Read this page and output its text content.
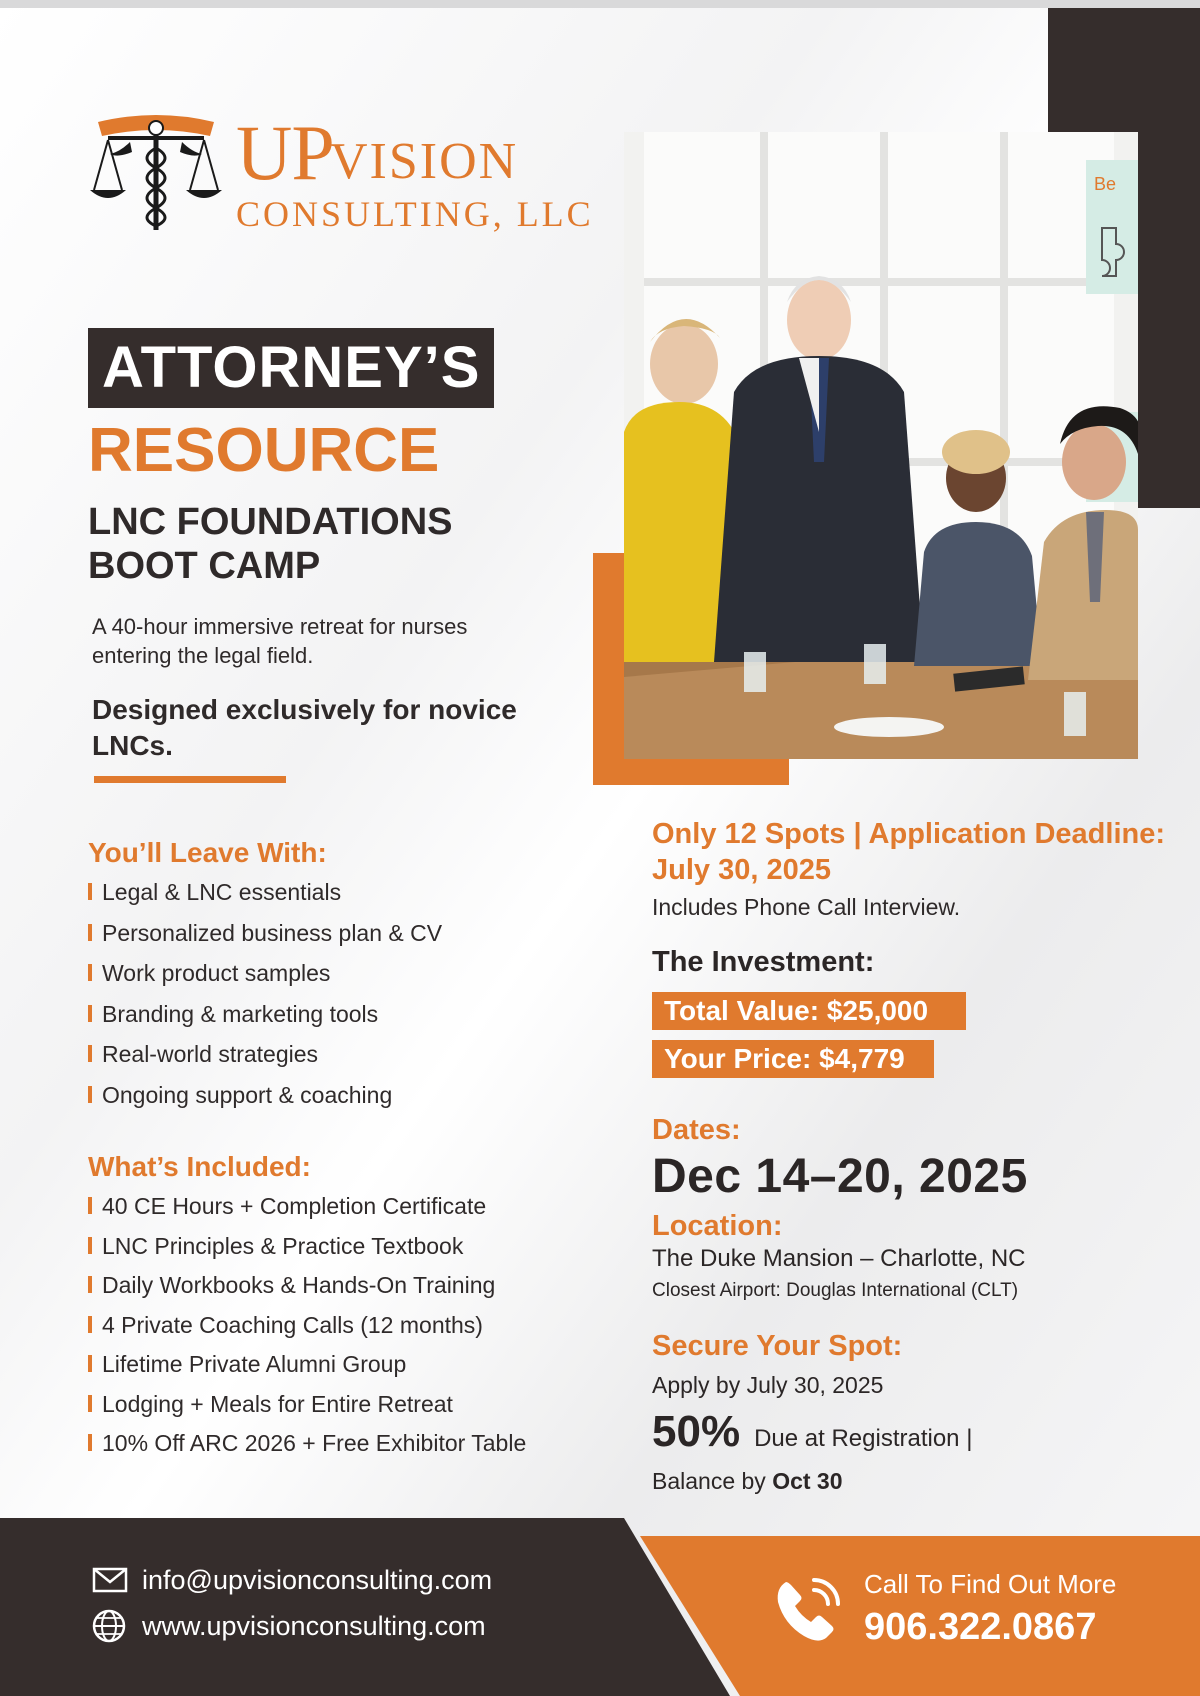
Be
UP
VISION
CONSULTING, LLC
ATTORNEY’S
RESOURCE
LNC FOUNDATIONS
BOOT CAMP
A 40-hour immersive retreat for nurses entering the legal field.
Designed exclusively for novice LNCs.
You’ll Leave With:
Legal & LNC essentials
Personalized business plan & CV
Work product samples
Branding & marketing tools
Real-world strategies
Ongoing support & coaching
What’s Included:
40 CE Hours + Completion Certificate
LNC Principles & Practice Textbook
Daily Workbooks & Hands-On Training
4 Private Coaching Calls (12 months)
Lifetime Private Alumni Group
Lodging + Meals for Entire Retreat
10% Off ARC 2026 + Free Exhibitor Table
Only 12 Spots | Application Deadline: July 30, 2025
Includes Phone Call Interview.
The Investment:
Total Value: $25,000
Your Price: $4,779
Dates:
Dec 14–20, 2025
Location:
The Duke Mansion – Charlotte, NC
Closest Airport: Douglas International (CLT)
Secure Your Spot:
Apply by July 30, 2025
50% Due at Registration |
Balance by Oct 30
info@upvisionconsulting.com
www.upvisionconsulting.com
Call To Find Out More
906.322.0867
